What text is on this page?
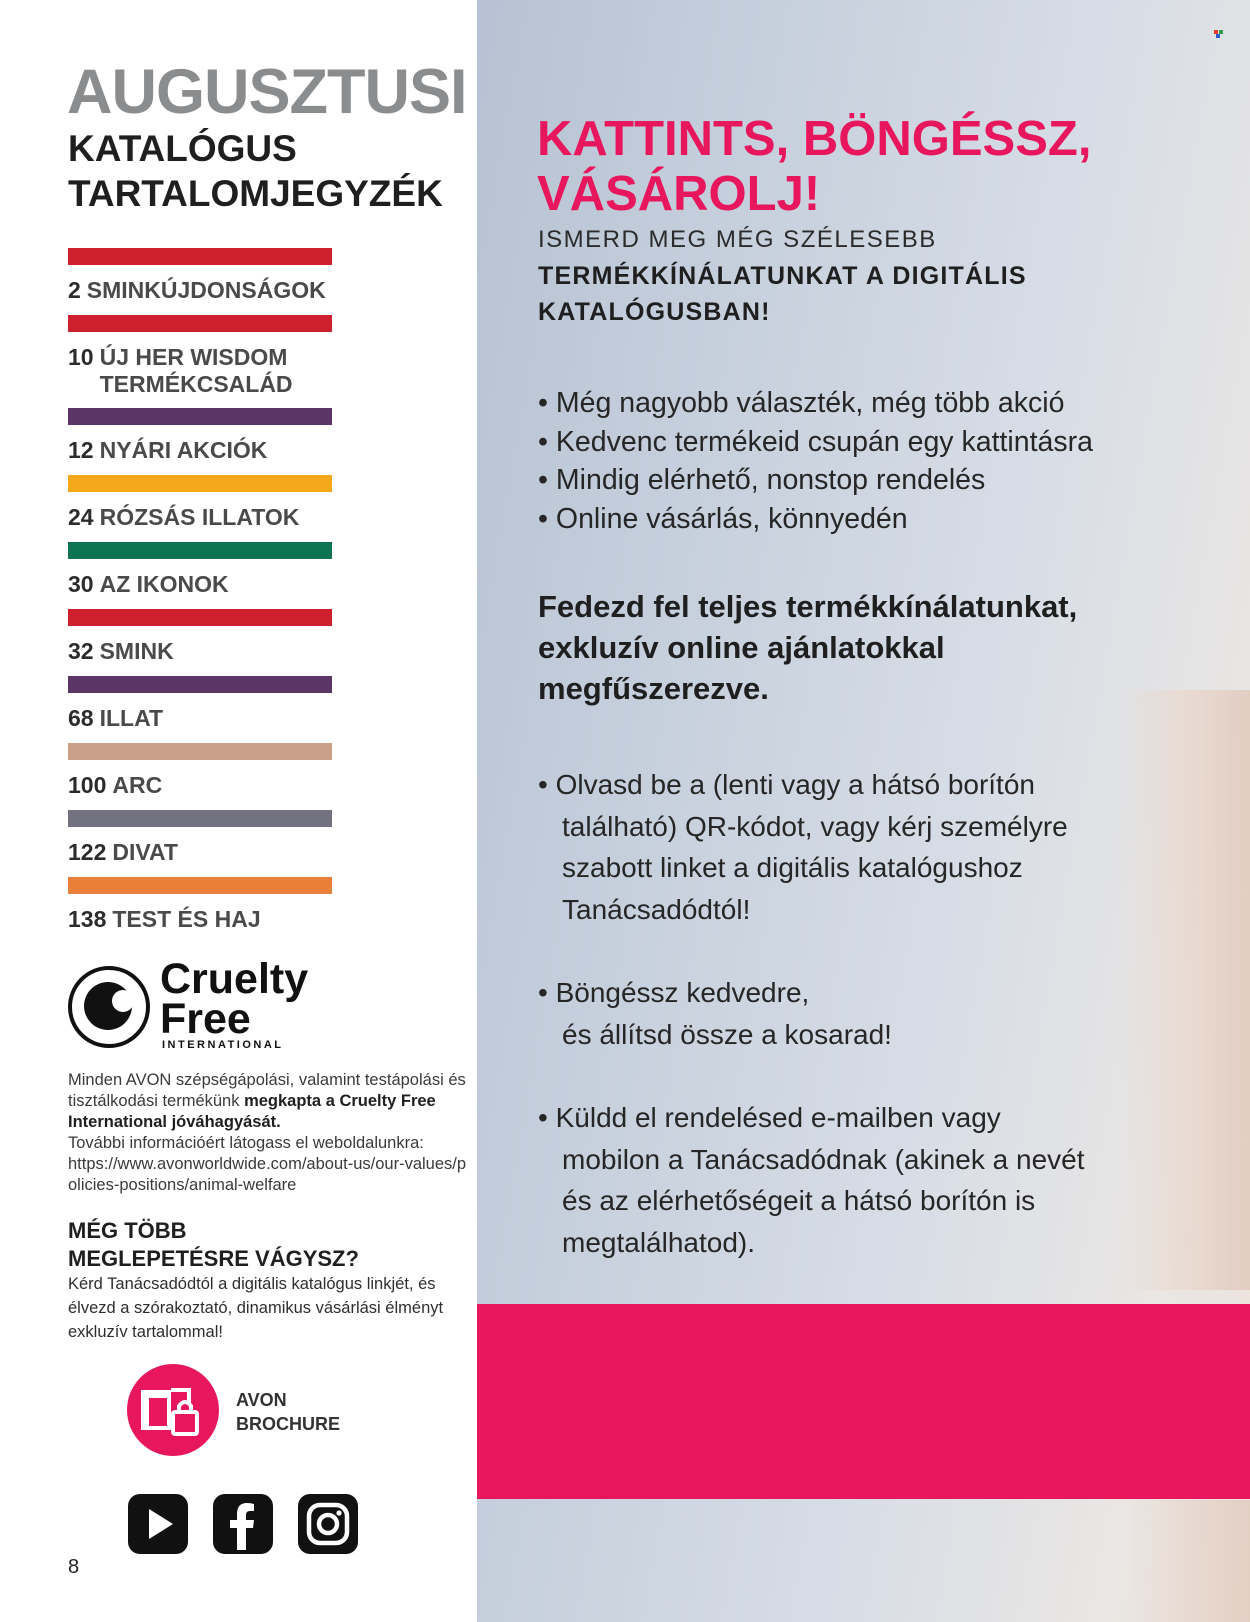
AUGUSZTUSI
KATALÓGUS
TARTALOMJEGYZÉK
2 SMINKÚJDONSÁGOK
10 ÚJ HER WISDOM
TERMÉKCSALÁD
12 NYÁRI AKCIÓK
24 RÓZSÁS ILLATOK
30 AZ IKONOK
32 SMINK
68 ILLAT
100 ARC
122 DIVAT
138 TEST ÉS HAJ
Cruelty
Free
INTERNATIONAL
Minden AVON szépségápolási, valamint testápolási és tisztálkodási termékünk megkapta a Cruelty Free International jóváhagyását.
További információért látogass el weboldalunkra:
https://www.avonworldwide.com/about-us/our-values/policies-positions/animal-welfare
MÉG TÖBB
MEGLEPETÉSRE VÁGYSZ?
Kérd Tanácsadódtól a digitális katalógus linkjét, és élvezd a szórakoztató, dinamikus vásárlási élményt exkluzív tartalommal!
AVON
BROCHURE
8
KATTINTS, BÖNGÉSSZ,
VÁSÁROLJ!
ISMERD MEG MÉG SZÉLESEBB
TERMÉKKÍNÁLATUNKAT A DIGITÁLIS
KATALÓGUSBAN!
• Még nagyobb választék, még több akció
• Kedvenc termékeid csupán egy kattintásra
• Mindig elérhető, nonstop rendelés
• Online vásárlás, könnyedén
Fedezd fel teljes termékkínálatunkat,
exkluzív online ajánlatokkal
megfűszerezve.
• Olvasd be a (lenti vagy a hátsó borítón
található) QR-kódot, vagy kérj személyre
szabott linket a digitális katalógushoz
Tanácsadódtól!
• Böngéssz kedvedre,
és állítsd össze a kosarad!
• Küldd el rendelésed e-mailben vagy
mobilon a Tanácsadódnak (akinek a nevét
és az elérhetőségeit a hátsó borítón is
megtalálhatod).
